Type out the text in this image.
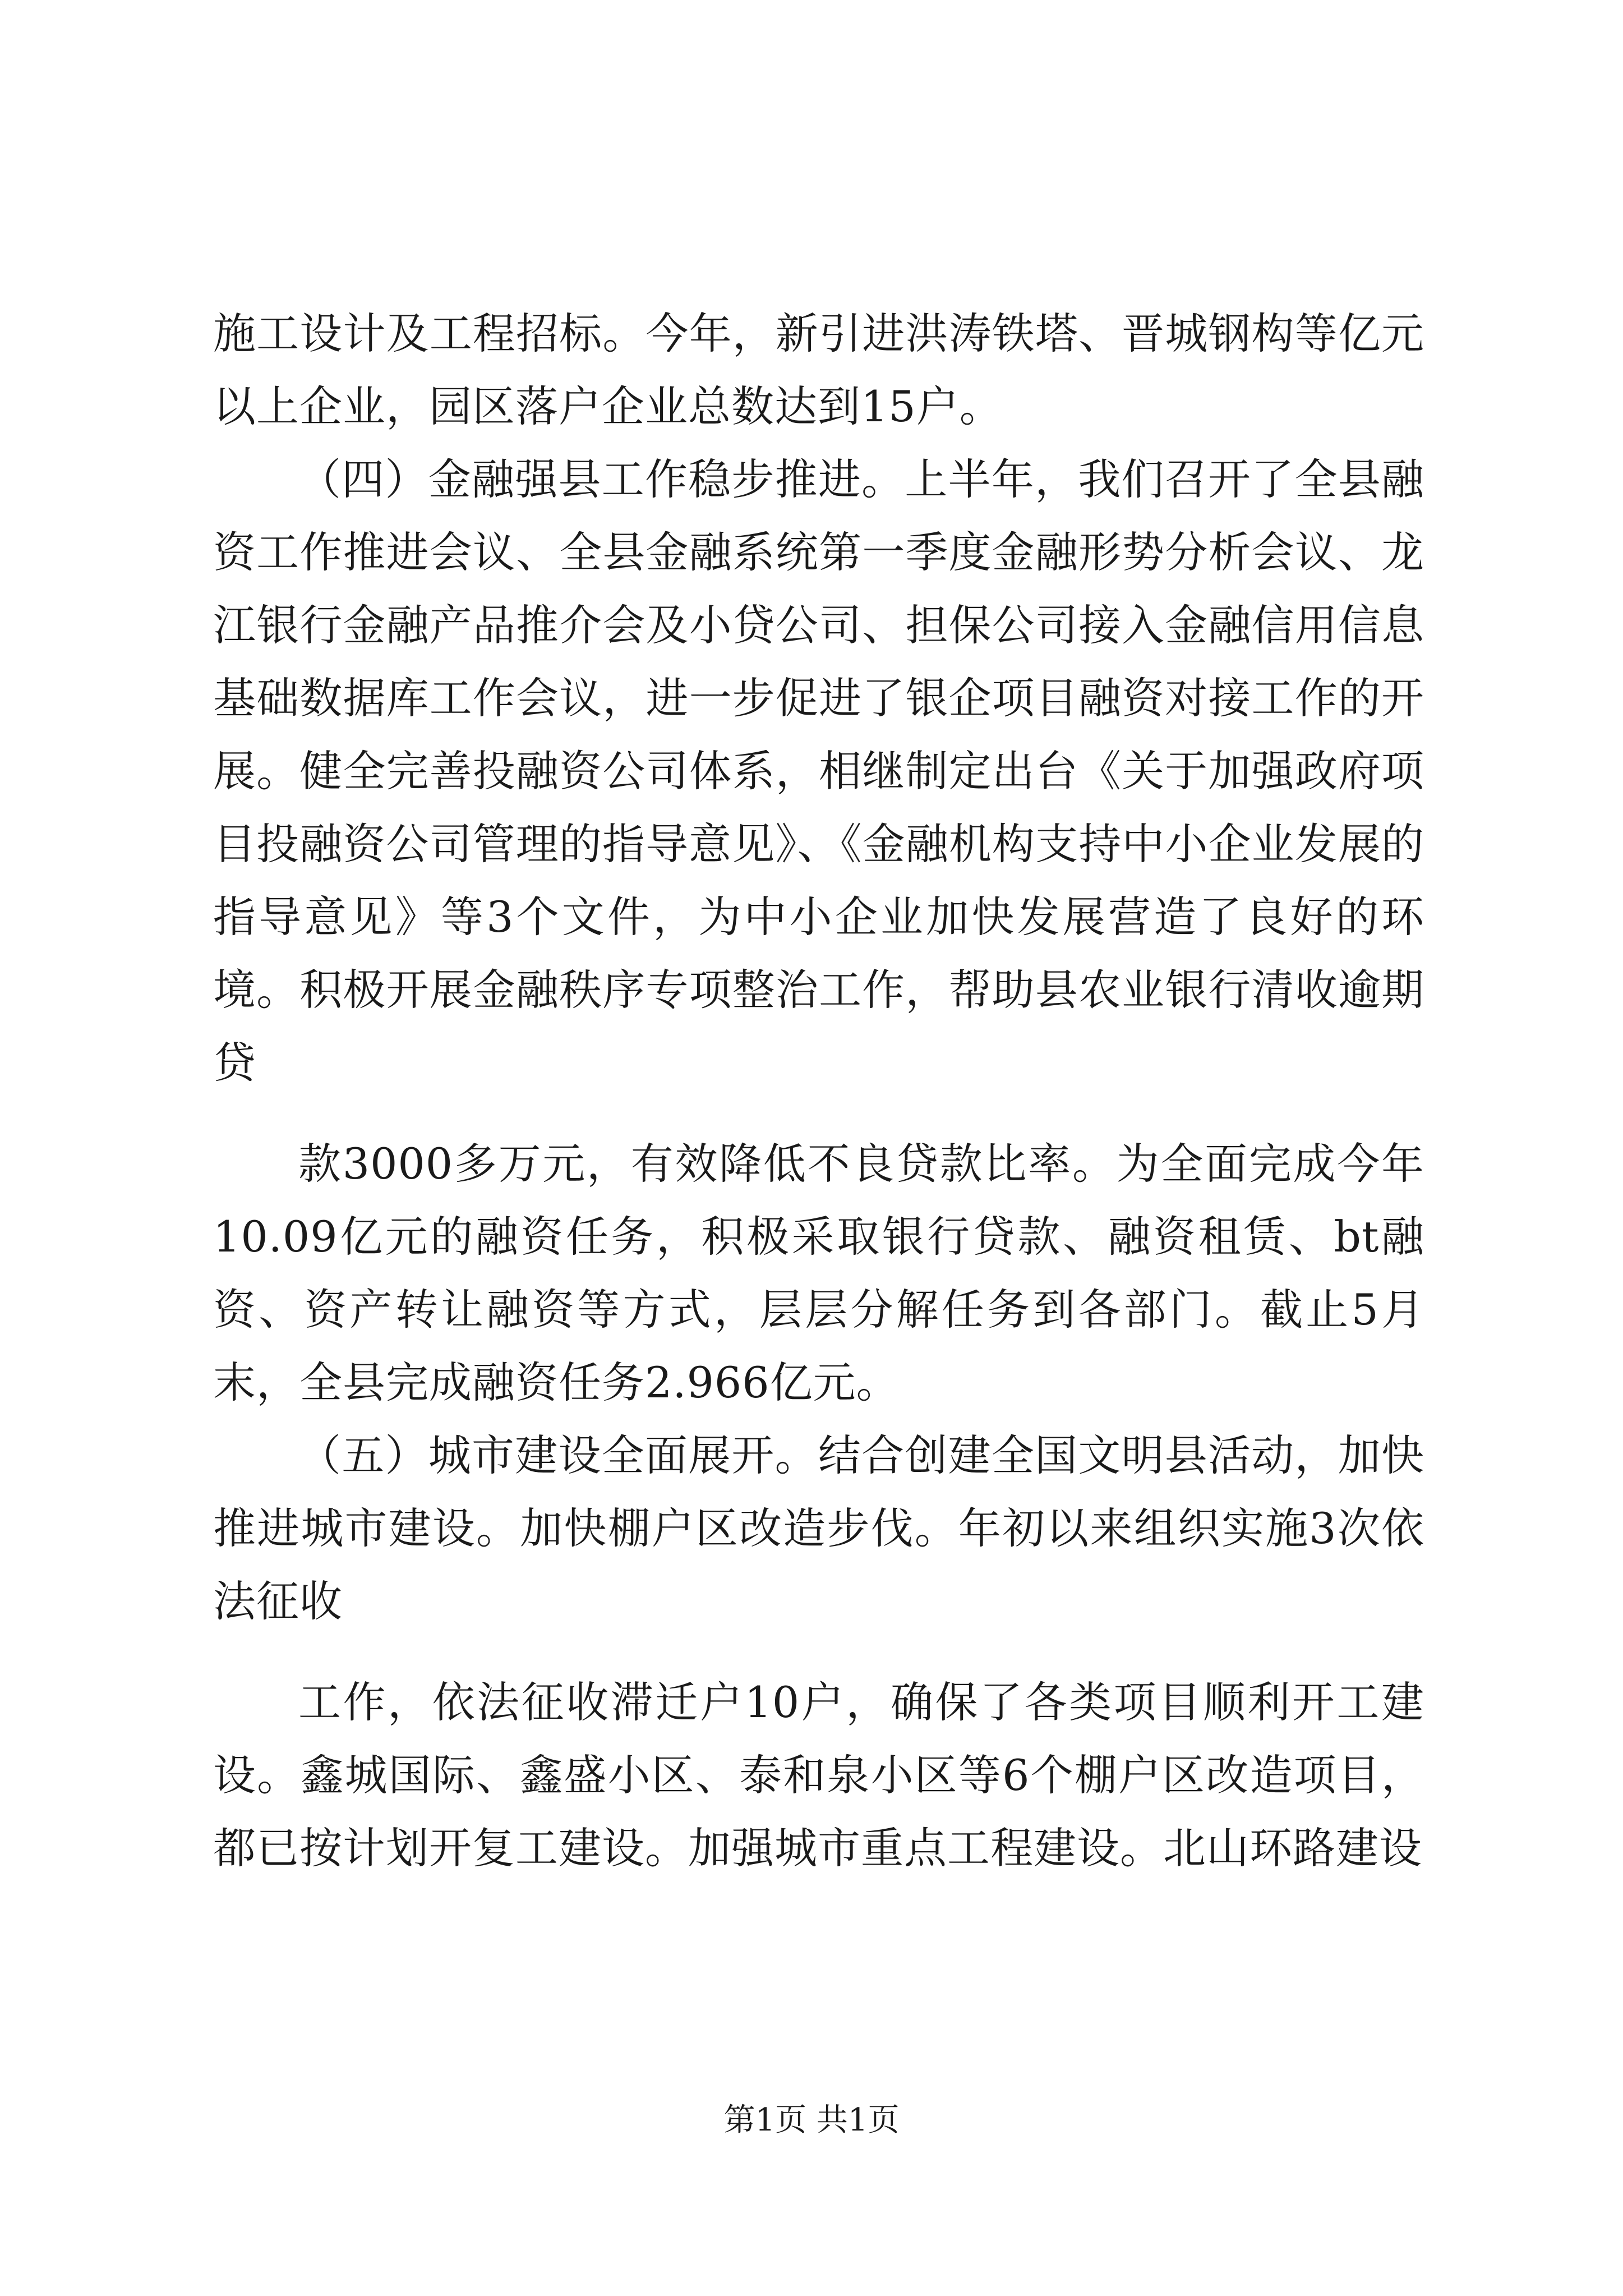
施工设计及工程招标。今年，新引进洪涛铁塔、晋城钢构等亿元以上企业，园区落户企业总数达到15户。

（四）金融强县工作稳步推进。上半年，我们召开了全县融资工作推进会议、全县金融系统第一季度金融形势分析会议、龙江银行金融产品推介会及小贷公司、担保公司接入金融信用信息基础数据库工作会议，进一步促进了银企项目融资对接工作的开展。健全完善投融资公司体系，相继制定出台《关于加强政府项目投融资公司管理的指导意见》、《金融机构支持中小企业发展的指导意见》等3个文件，为中小企业加快发展营造了良好的环境。积极开展金融秩序专项整治工作，帮助县农业银行清收逾期贷

款3000多万元，有效降低不良贷款比率。为全面完成今年10.09亿元的融资任务，积极采取银行贷款、融资租赁、bt融资、资产转让融资等方式，层层分解任务到各部门。截止5月末，全县完成融资任务2.966亿元。

（五）城市建设全面展开。结合创建全国文明县活动，加快推进城市建设。加快棚户区改造步伐。年初以来组织实施3次依法征收

工作，依法征收滞迁户10户，确保了各类项目顺利开工建设。鑫城国际、鑫盛小区、泰和泉小区等6个棚户区改造项目，都已按计划开复工建设。加强城市重点工程建设。北山环路建设

第1页 共1页
